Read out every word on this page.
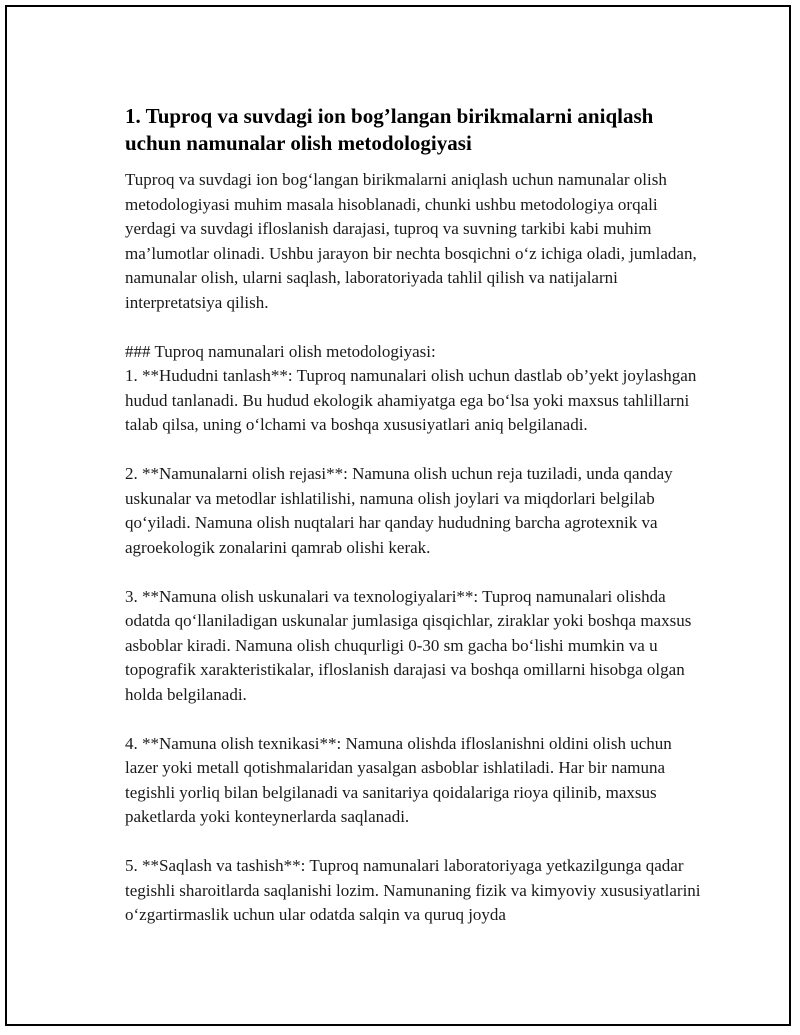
1. Tuproq va suvdagi ion bog’langan birikmalarni aniqlash uchun namunalar olish metodologiyasi
Tuproq va suvdagi ion bog‘langan birikmalarni aniqlash uchun namunalar olish metodologiyasi muhim masala hisoblanadi, chunki ushbu metodologiya orqali yerdagi va suvdagi ifloslanish darajasi, tuproq va suvning tarkibi kabi muhim ma’lumotlar olinadi. Ushbu jarayon bir nechta bosqichni o‘z ichiga oladi, jumladan, namunalar olish, ularni saqlash, laboratoriyada tahlil qilish va natijalarni interpretatsiya qilish.

### Tuproq namunalari olish metodologiyasi:
1. **Hududni tanlash**: Tuproq namunalari olish uchun dastlab ob’yekt joylashgan hudud tanlanadi. Bu hudud ekologik ahamiyatga ega bo‘lsa yoki maxsus tahlillarni talab qilsa, uning o‘lchami va boshqa xususiyatlari aniq belgilanadi.

2. **Namunalarni olish rejasi**: Namuna olish uchun reja tuziladi, unda qanday uskunalar va metodlar ishlatilishi, namuna olish joylari va miqdorlari belgilab qo‘yiladi. Namuna olish nuqtalari har qanday hududning barcha agrotexnik va agroekologik zonalarini qamrab olishi kerak.

3. **Namuna olish uskunalari va texnologiyalari**: Tuproq namunalari olishda odatda qo‘llaniladigan uskunalar jumlasiga qisqichlar, ziraklar yoki boshqa maxsus asboblar kiradi. Namuna olish chuqurligi 0-30 sm gacha bo‘lishi mumkin va u topografik xarakteristikalar, ifloslanish darajasi va boshqa omillarni hisobga olgan holda belgilanadi.

4. **Namuna olish texnikasi**: Namuna olishda ifloslanishni oldini olish uchun lazer yoki metall qotishmalaridan yasalgan asboblar ishlatiladi. Har bir namuna tegishli yorliq bilan belgilanadi va sanitariya qoidalariga rioya qilinib, maxsus paketlarda yoki konteynerlarda saqlanadi.

5. **Saqlash va tashish**: Tuproq namunalari laboratoriyaga yetkazilgunga qadar tegishli sharoitlarda saqlanishi lozim. Namunaning fizik va kimyoviy xususiyatlarini o‘zgartirmaslik uchun ular odatda salqin va quruq joyda
